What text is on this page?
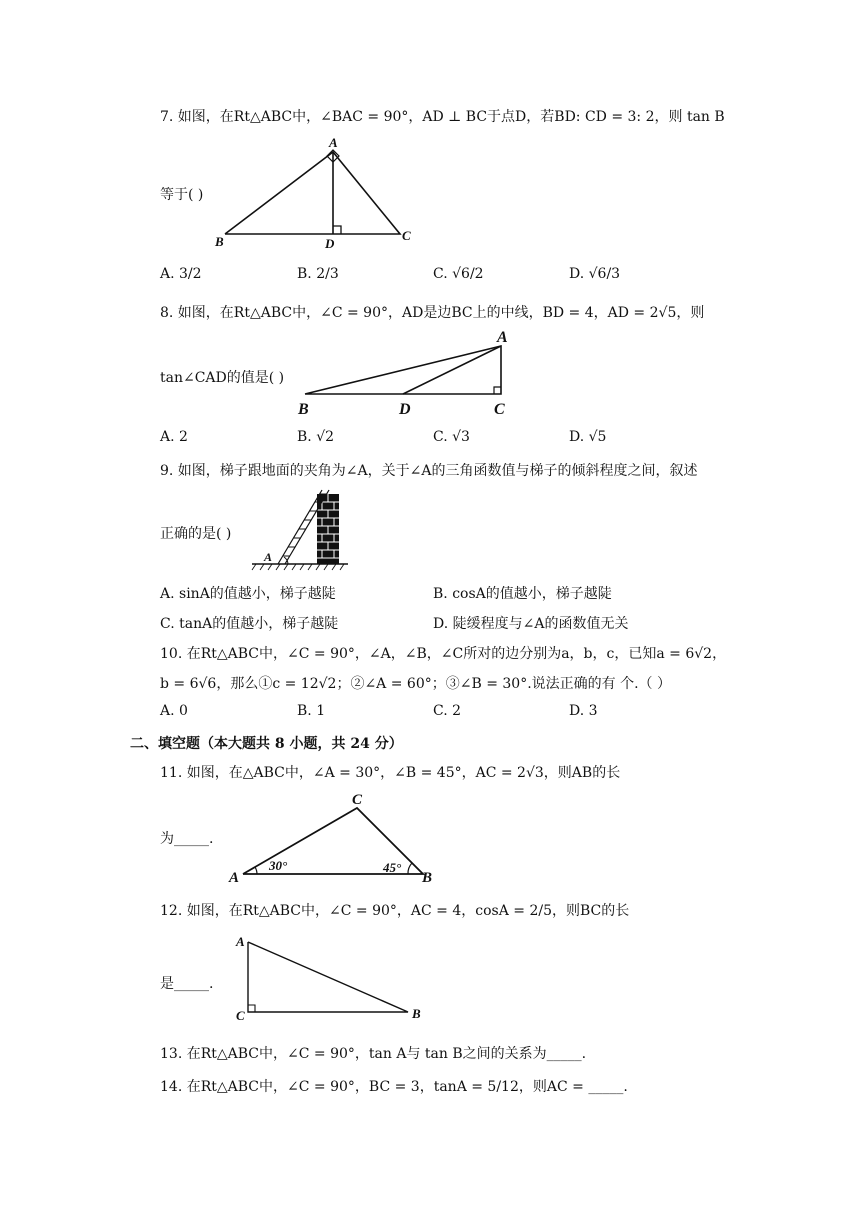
7. 如图，在Rt△ABC中，∠BAC = 90°，AD ⊥ BC于点D，若BD: CD = 3: 2，则 tan B
A
B	D
C
等于( )
A. 3/2	B. 2/3	C. √6/2	D. √6/3
8. 如图，在Rt△ABC中，∠C = 90°，AD是边BC上的中线，BD = 4，AD = 2√5，则
A
B	D	C
tan∠CAD的值是( )
A. 2	B. √2	C. √3	D. √5
9. 如图，梯子跟地面的夹角为∠A，关于∠A的三角函数值与梯子的倾斜程度之间，叙述
A
正确的是( )
A. sinA的值越小，梯子越陡	B. cosA的值越小，梯子越陡
C. tanA的值越小，梯子越陡	D. 陡缓程度与∠A的函数值无关
10. 在Rt△ABC中，∠C = 90°，∠A，∠B，∠C所对的边分别为a，b，c，已知a = 6√2，
b = 6√6，那么①c = 12√2；②∠A = 60°；③∠B = 30°.说法正确的有 个.（ ）
A. 0	B. 1	C. 2	D. 3
二、填空题（本大题共 8 小题，共 24 分）
11. 如图，在△ABC中，∠A = 30°，∠B = 45°，AC = 2√3，则AB的长
C
A	B
30°	45°
为_____.
12. 如图，在Rt△ABC中，∠C = 90°，AC = 4，cosA = 2/5，则BC的长
A
C	B
是_____.
13. 在Rt△ABC中，∠C = 90°，tan A与 tan B之间的关系为_____.
14. 在Rt△ABC中，∠C = 90°，BC = 3，tanA = 5/12，则AC = _____.
